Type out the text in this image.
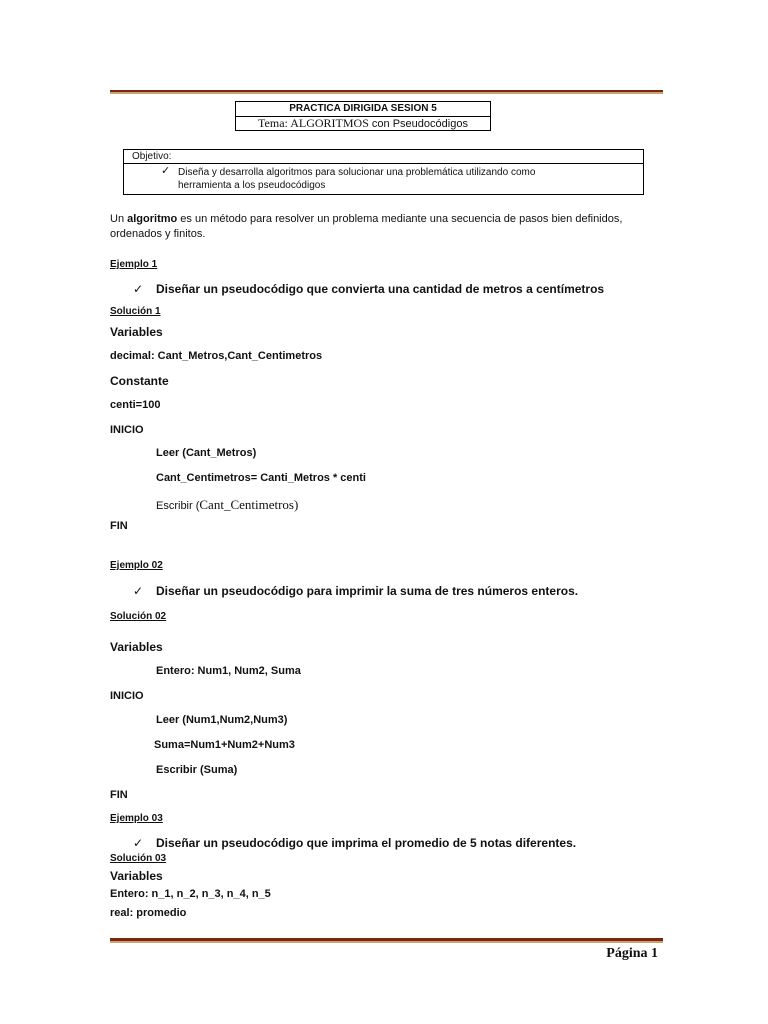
PRACTICA DIRIGIDA SESION 5
Tema: ALGORITMOS con Pseudocódigos
Objetivo:
✓ Diseña y desarrolla algoritmos para solucionar una problemática utilizando como
herramienta a los pseudocódigos
Un algoritmo es un método para resolver un problema mediante una secuencia de pasos bien definidos,
ordenados y finitos.
Ejemplo 1
✓ Diseñar un pseudocódigo que convierta una cantidad de metros a centímetros
Solución 1
Variables
decimal: Cant_Metros,Cant_Centimetros
Constante
centi=100
INICIO
Leer (Cant_Metros)
Cant_Centimetros= Canti_Metros * centi
Escribir (Cant_Centimetros)
FIN
Ejemplo 02
✓ Diseñar un pseudocódigo para imprimir la suma de tres números enteros.
Solución 02
Variables
Entero: Num1, Num2, Suma
INICIO
Leer (Num1,Num2,Num3)
Suma=Num1+Num2+Num3
Escribir (Suma)
FIN
Ejemplo 03
✓ Diseñar un pseudocódigo que imprima el promedio de 5 notas diferentes.
Solución 03
Variables
Entero: n_1, n_2, n_3, n_4, n_5
real: promedio
Página 1
